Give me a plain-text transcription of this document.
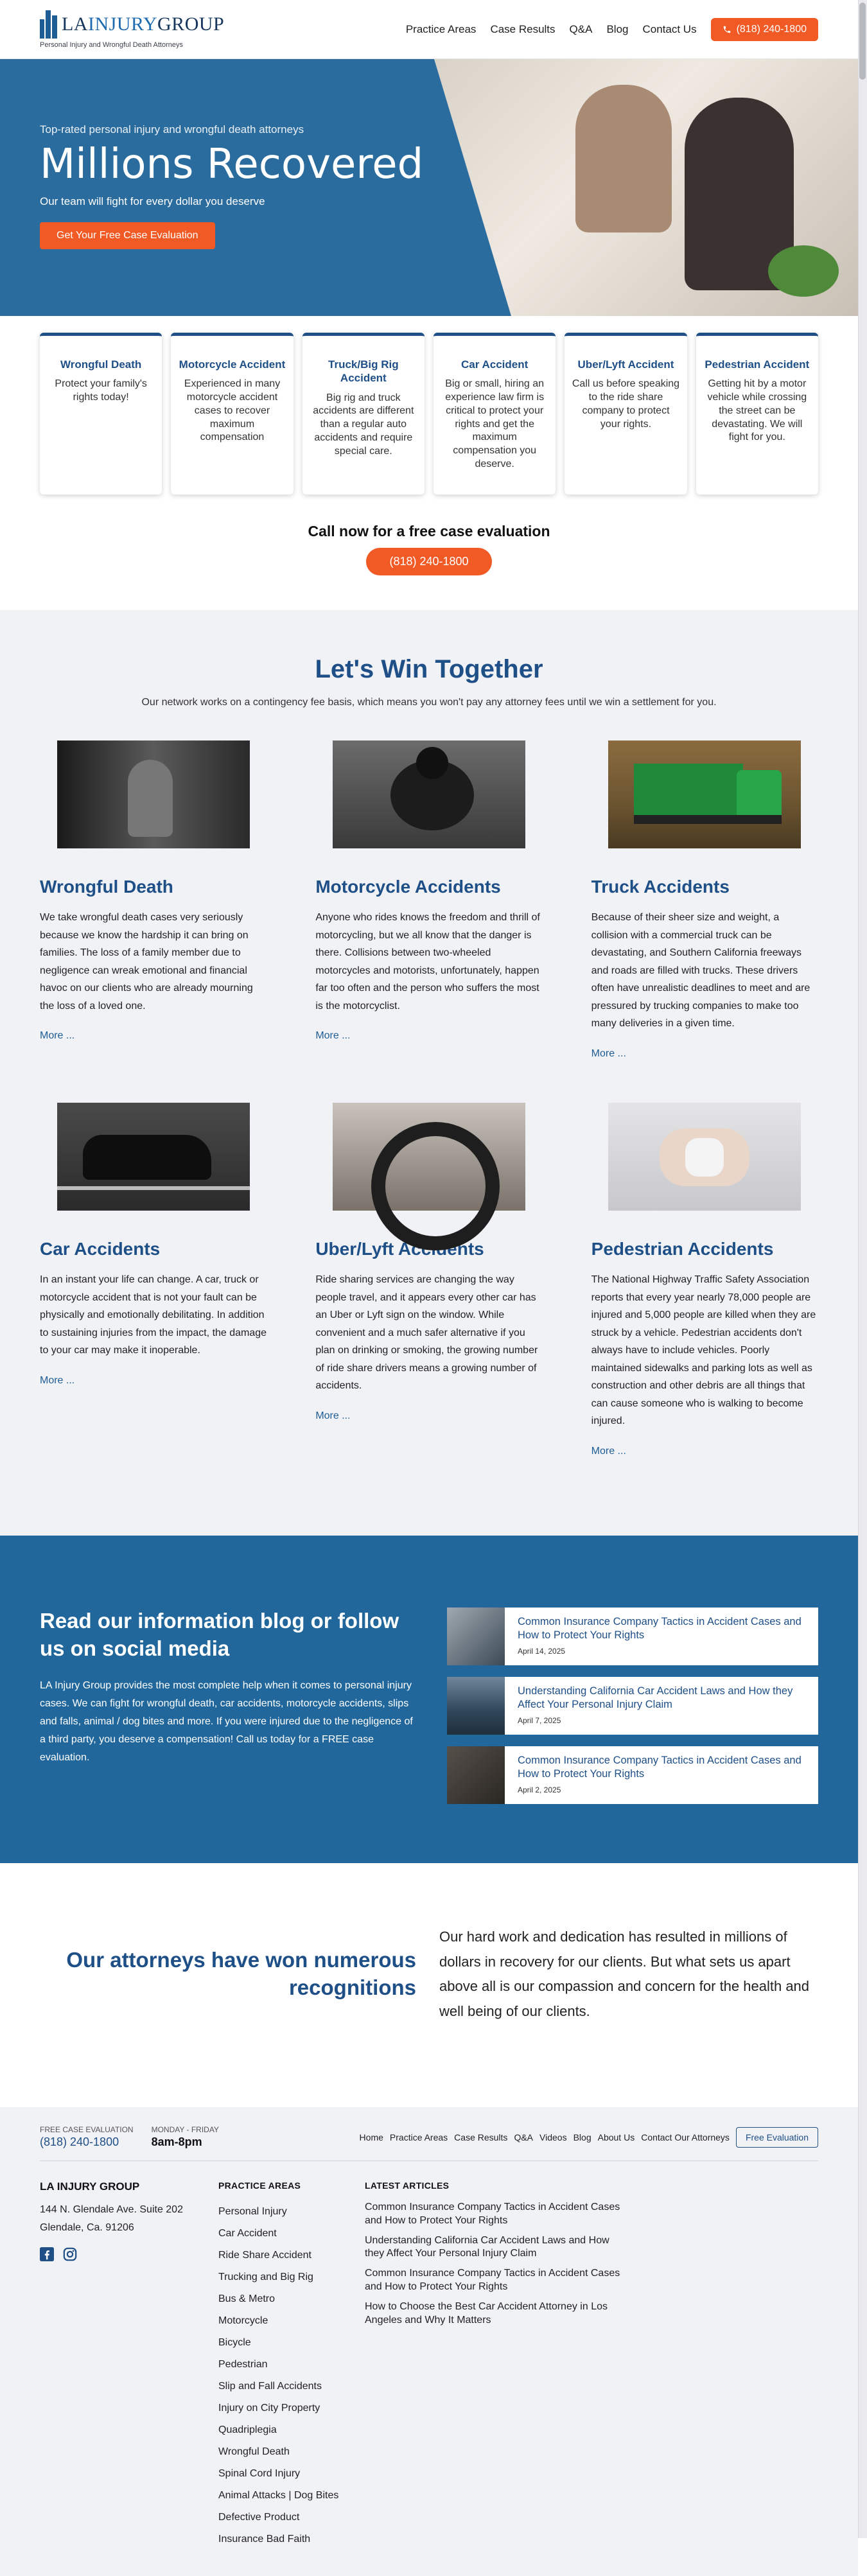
LAINJURYGROUP
Personal Injury and Wrongful Death Attorneys
Practice Areas Case Results Q&A Blog Contact Us	(818) 240-1800
Top-rated personal injury and wrongful death attorneys
Millions Recovered
Our team will fight for every dollar you deserve
Get Your Free Case Evaluation
Wrongful Death

Protect your family's rights today!

Motorcycle Accident

Experienced in many motorcycle accident cases to recover maximum compensation

Truck/Big Rig Accident

Big rig and truck accidents are different than a regular auto accidents and require special care.

Car Accident

Big or small, hiring an experience law firm is critical to protect your rights and get the maximum compensation you deserve.

Uber/Lyft Accident

Call us before speaking to the ride share company to protect your rights.

Pedestrian Accident

Getting hit by a motor vehicle while crossing the street can be devastating. We will fight for you.

Call now for a free case evaluation
(818) 240-1800
Let's Win Together
Our network works on a contingency fee basis, which means you won't pay any attorney fees until we win a settlement for you.
Wrongful Death

We take wrongful death cases very seriously because we know the hardship it can bring on families. The loss of a family member due to negligence can wreak emotional and financial havoc on our clients who are already mourning the loss of a loved one.

More ...
Motorcycle Accidents

Anyone who rides knows the freedom and thrill of motorcycling, but we all know that the danger is there. Collisions between two-wheeled motorcycles and motorists, unfortunately, happen far too often and the person who suffers the most is the motorcyclist.

More ...
Truck Accidents

Because of their sheer size and weight, a collision with a commercial truck can be devastating, and Southern California freeways and roads are filled with trucks. These drivers often have unrealistic deadlines to meet and are pressured by trucking companies to make too many deliveries in a given time.

More ...
Car Accidents

In an instant your life can change. A car, truck or motorcycle accident that is not your fault can be physically and emotionally debilitating. In addition to sustaining injuries from the impact, the damage to your car may make it inoperable.

More ...
Uber/Lyft Accidents

Ride sharing services are changing the way people travel, and it appears every other car has an Uber or Lyft sign on the window. While convenient and a much safer alternative if you plan on drinking or smoking, the growing number of ride share drivers means a growing number of accidents.

More ...
Pedestrian Accidents

The National Highway Traffic Safety Association reports that every year nearly 78,000 people are injured and 5,000 people are killed when they are struck by a vehicle. Pedestrian accidents don't always have to include vehicles. Poorly maintained sidewalks and parking lots as well as construction and other debris are all things that can cause someone who is walking to become injured.

More ...
Read our information blog or follow us on social media

LA Injury Group provides the most complete help when it comes to personal injury cases. We can fight for wrongful death, car accidents, motorcycle accidents, slips and falls, animal / dog bites and more. If you were injured due to the negligence of a third party, you deserve a compensation! Call us today for a FREE case evaluation.

Common Insurance Company Tactics in Accident Cases and How to Protect Your Rights
April 14, 2025
Understanding California Car Accident Laws and How they Affect Your Personal Injury Claim
April 7, 2025
Common Insurance Company Tactics in Accident Cases and How to Protect Your Rights
April 2, 2025
Our attorneys have won numerous recognitions

Our hard work and dedication has resulted in millions of dollars in recovery for our clients. But what sets us apart above all is our compassion and concern for the health and well being of our clients.

FREE CASE EVALUATION
(818) 240-1800
MONDAY - FRIDAY
8am-8pm	Home Practice Areas Case Results Q&A Videos Blog About Us Contact Our Attorneys	Free Evaluation
LA INJURY GROUP
144 N. Glendale Ave. Suite 202
Glendale, Ca. 91206
PRACTICE AREAS
Personal Injury
Car Accident
Ride Share Accident
Trucking and Big Rig
Bus & Metro
Motorcycle
Bicycle
Pedestrian
Slip and Fall Accidents
Injury on City Property
Quadriplegia
Wrongful Death
Spinal Cord Injury
Animal Attacks | Dog Bites
Defective Product
Insurance Bad Faith
LATEST ARTICLES
Common Insurance Company Tactics in Accident Cases and How to Protect Your Rights
Understanding California Car Accident Laws and How they Affect Your Personal Injury Claim
Common Insurance Company Tactics in Accident Cases and How to Protect Your Rights
How to Choose the Best Car Accident Attorney in Los Angeles and Why It Matters
